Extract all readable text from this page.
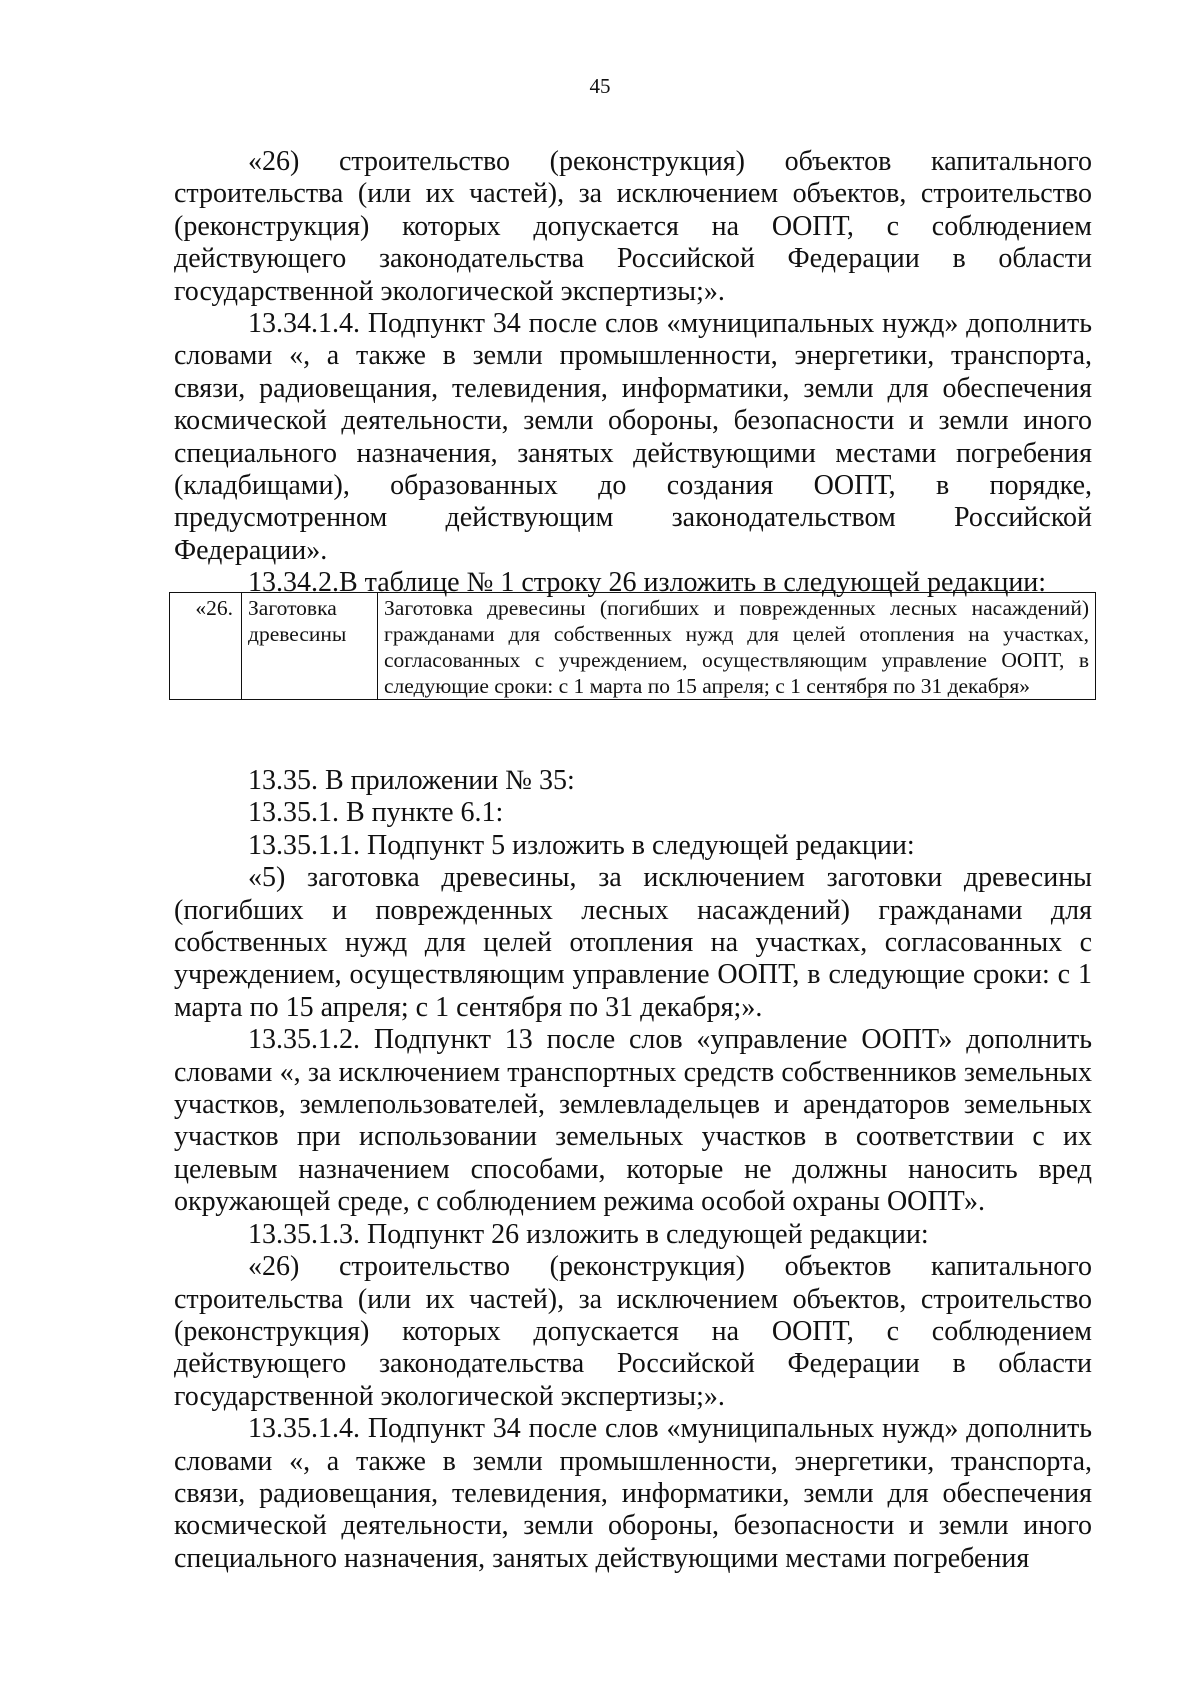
45

«26) строительство (реконструкция) объектов капитального строительства (или их частей), за исключением объектов, строительство (реконструкция) которых допускается на ООПТ, с соблюдением действующего законодательства Российской Федерации в области государственной экологической экспертизы;».

13.34.1.4. Подпункт 34 после слов «муниципальных нужд» дополнить словами «, а также в земли промышленности, энергетики, транспорта, связи, радиовещания, телевидения, информатики, земли для обеспечения космической деятельности, земли обороны, безопасности и земли иного специального назначения, занятых действующими местами погребения (кладбищами), образованных до создания ООПТ, в порядке, предусмотренном действующим законодательством Российской Федерации».

13.34.2.В таблице № 1 строку 26 изложить в следующей редакции:

«26.	Заготовка древесины	Заготовка древесины (погибших и поврежденных лесных насаждений) гражданами для собственных нужд для целей отопления на участках, согласованных с учреждением, осуществляющим управление ООПТ, в следующие сроки: с 1 марта по 15 апреля; с 1 сентября по 31 декабря»

13.35. В приложении № 35:

13.35.1. В пункте 6.1:

13.35.1.1. Подпункт 5 изложить в следующей редакции:

«5) заготовка древесины, за исключением заготовки древесины (погибших и поврежденных лесных насаждений) гражданами для собственных нужд для целей отопления на участках, согласованных с учреждением, осуществляющим управление ООПТ, в следующие сроки: с 1 марта по 15 апреля; с 1 сентября по 31 декабря;».

13.35.1.2. Подпункт 13 после слов «управление ООПТ» дополнить словами «, за исключением транспортных средств собственников земельных участков, землепользователей, землевладельцев и арендаторов земельных участков при использовании земельных участков в соответствии с их целевым назначением способами, которые не должны наносить вред окружающей среде, с соблюдением режима особой охраны ООПТ».

13.35.1.3. Подпункт 26 изложить в следующей редакции:

«26) строительство (реконструкция) объектов капитального строительства (или их частей), за исключением объектов, строительство (реконструкция) которых допускается на ООПТ, с соблюдением действующего законодательства Российской Федерации в области государственной экологической экспертизы;».

13.35.1.4. Подпункт 34 после слов «муниципальных нужд» дополнить словами «, а также в земли промышленности, энергетики, транспорта, связи, радиовещания, телевидения, информатики, земли для обеспечения космической деятельности, земли обороны, безопасности и земли иного специального назначения, занятых действующими местами погребения
